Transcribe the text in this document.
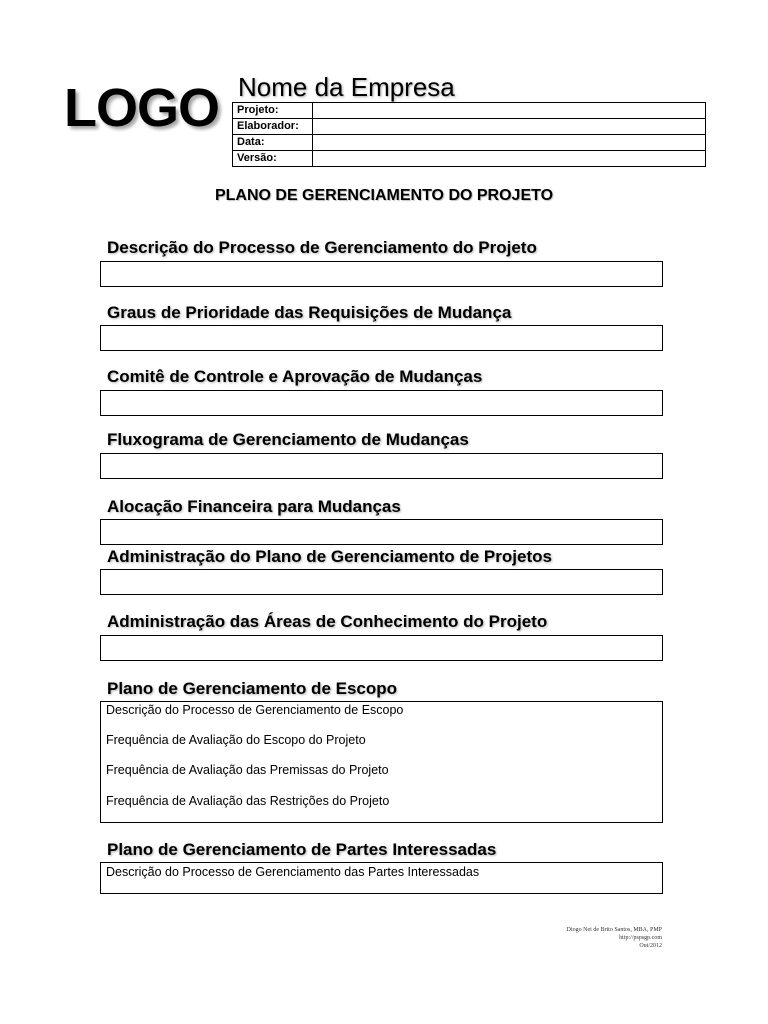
LOGO Nome da Empresa
Projeto:	
Elaborador:	
Data:	
Versão:	
PLANO DE GERENCIAMENTO DO PROJETO
Descrição do Processo de Gerenciamento do Projeto
Graus de Prioridade das Requisições de Mudança
Comitê de Controle e Aprovação de Mudanças
Fluxograma de Gerenciamento de Mudanças
Alocação Financeira para Mudanças
Administração do Plano de Gerenciamento de Projetos
Administração das Áreas de Conhecimento do Projeto
Plano de Gerenciamento de Escopo
Descrição do Processo de Gerenciamento de Escopo
Frequência de Avaliação do Escopo do Projeto
Frequência de Avaliação das Premissas do Projeto
Frequência de Avaliação das Restrições do Projeto
Plano de Gerenciamento de Partes Interessadas
Descrição do Processo de Gerenciamento das Partes Interessadas
Diogo Nei de Brito Santos, MBA, PMP
http://pspsgp.com
Out/2012
